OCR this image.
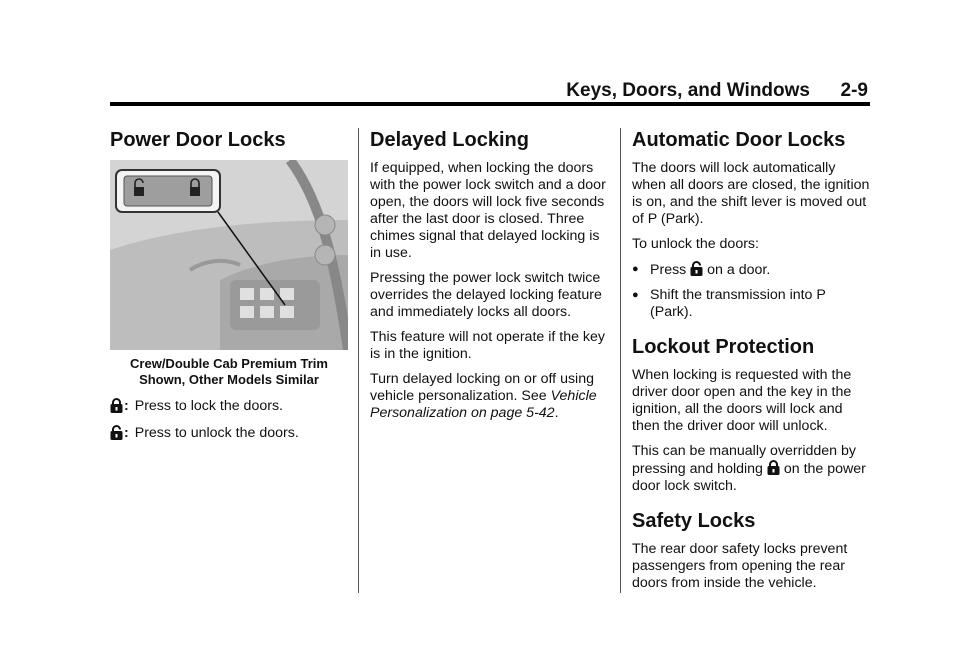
Keys, Doors, and Windows 2-9
Power Door Locks
Crew/Double Cab Premium Trim
Shown, Other Models Similar
: Press to lock the doors.
: Press to unlock the doors.
Delayed Locking

If equipped, when locking the doors with the power lock switch and a door open, the doors will lock five seconds after the last door is closed. Three chimes signal that delayed locking is in use.

Pressing the power lock switch twice overrides the delayed locking feature and immediately locks all doors.

This feature will not operate if the key is in the ignition.

Turn delayed locking on or off using vehicle personalization. See Vehicle Personalization on page 5-42.

Automatic Door Locks

The doors will lock automatically when all doors are closed, the ignition is on, and the shift lever is moved out of P (Park).

To unlock the doors:

● Press on a door.
● Shift the transmission into P (Park).
Lockout Protection

When locking is requested with the driver door open and the key in the ignition, all the doors will lock and then the driver door will unlock.

This can be manually overridden by pressing and holding on the power door lock switch.

Safety Locks

The rear door safety locks prevent passengers from opening the rear doors from inside the vehicle.
